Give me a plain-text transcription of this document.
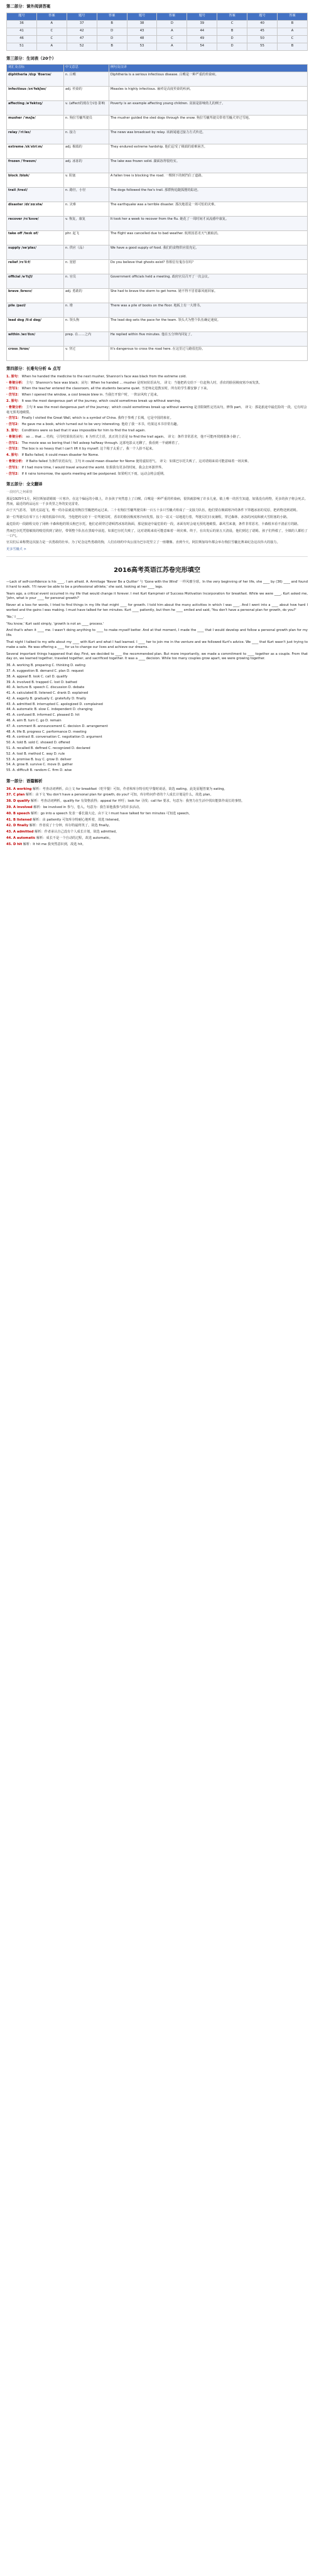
第二部分：课外阅读答案
题号	答案	题号	答案	题号	答案	题号	答案	题号	答案
36	A	37	B	38	D	39	C	40	B
41	C	42	D	43	A	44	B	45	A
46	C	47	D	48	C	49	D	50	C
51	A	52	B	53	A	54	D	55	B
第三部分：生词表（20个）
词汇及音标	中文意思	例句及汉译
diphtheria /dɪp ˈθɪərɪə/	n. 白喉	Diphtheria is a serious infectious disease. 白喉是一种严重的传染病。
infectious /ɪnˈfekʃəs/	adj. 传染的	Measles is highly infectious. 麻疹是高度传染的疾病。
affecting /əˈfektɪŋ/	v. (affect的现在分词) 影响	Poverty is an example affecting young children. 贫困是影响幼儿的例子。
musher /ˈmʌʃə/	n. 狗拉雪橇驾驶员	The musher guided the sled dogs through the snow. 狗拉雪橇驾驶员带着雪橇犬穿过雪地。
relay /ˈriːleɪ/	n. 接力	The news was broadcast by relay. 该新闻通过接力方式传送。
extreme /ɪkˈstriːm/	adj. 极端的	They endured extreme hardship. 他们忍受了极端的艰难困苦。
frozen /ˈfrəʊzn/	adj. 冰冻的	The lake was frozen solid. 湖面冻得很结实。
block /blɒk/	v. 阻塞	A fallen tree is blocking the road. 一棵倒下的树挡住了道路。
trail /treɪl/	n. 路径，小径	The dogs followed the fox's trail. 那群狗追随狐狸的踪迹。
disaster /dɪˈzɑːstə/	n. 灾难	The earthquake was a terrible disaster. 那次地震是一场可怕的灾难。
recover /rɪˈkʌvə/	v. 恢复，康复	It took her a week to recover from the flu. 她花了一周时间才从流感中康复。
take off /teɪk ɒf/	phr. 起飞	The flight was cancelled due to bad weather. 航班因恶劣天气被取消。
supply /səˈplaɪ/	n. 供应（品）	We have a good supply of food. 我们的食物供应很充足。
relief /rɪˈliːf/	n. 宽慰	Do you believe that ghosts exist? 你相信有鬼存在吗？
official /əˈfɪʃl/	n. 官员	Government officials held a meeting. 政府官员召开了一次会议。
brave /breɪv/	adj. 勇敢的	She had to brave the storm to get home. 她不得不冒着暴风雨回家。
pile /paɪl/	n. 堆	There was a pile of books on the floor. 地板上有一大堆书。
lead dog /liːd dɒɡ/	n. 领头狗	The lead dog sets the pace for the team. 领头犬为整个队伍确定速度。
within /wɪˈðɪn/	prep. 在……之内	He replied within five minutes. 他在五分钟内回复了。
cross /krɒs/	v. 穿过	It's dangerous to cross the road here. 在这里过马路很危险。
第四部分：长难句分析 & 点写
1. 原句： When he handed the medicine to the next musher, Shannon's face was black from the extreme cold.
· 骨架分析： 主句：Shannon's face was black；从句：When he handed ... musher 是时间状语从句。 译文：当他把药交给下一位赶狗人时，香农的脸因极度寒冷而发黑。
· 仿写1： When the teacher entered the classroom, all the students became quiet. 当老师走进教室时，所有的学生都安静了下来。
· 仿写2： When I opened the window, a cool breeze blew in. 当我打开窗户时，一阵凉风吹了进来。
2. 原句： It was the most dangerous part of the journey, which could sometimes break up without warning.
· 骨架分析： 主句 It was the most dangerous part of the journey；which could sometimes break up without warning 是非限制性定语从句，修饰 part。 译文：那是旅途中最危险的一段，它有时会毫无预兆地破裂。
· 仿写1： Finally I visited the Great Wall, which is a symbol of China. 我终于参观了长城，它是中国的象征。
· 仿写2： He gave me a book, which turned out to be very interesting. 他给了我一本书，结果这本书非常有趣。
3. 原句： Conditions were so bad that it was impossible for him to find the trail again.
· 骨架分析： so ... that ... 结构，引导结果状语从句；it 为形式主语，真正的主语是 to find the trail again。 译文：条件非常恶劣，他不可能再找到那条小路了。
· 仿写1： The movie was so boring that I fell asleep halfway through. 这部电影太无聊了，我看到一半就睡着了。
· 仿写2： The box is so heavy that I can't lift it by myself. 这个箱子太重了，我一个人抬不起来。
4. 原句： If Balto failed, it could mean disaster for Nome.
· 骨架分析： If Balto failed 为条件状语从句，主句 it could mean disaster for Nome 使用虚拟语气。 译文：如果巴尔托失败了，这对诺姆来说可能意味着一场灾难。
· 仿写1： If I had more time, I would travel around the world. 如果我有更多的时间，我会去环游世界。
· 仿写2： If it rains tomorrow, the sports meeting will be postponed. 如果明天下雨，运动会将会延期。
第五部分：全文翻译
一段时代之柯乘情

那是1925年1月，阿拉斯加诺姆镇一片寒冷。在这个偏远的小镇上，许多孩子突然患上了白喉。白喉是一种严重的传染病，很快就影响了许多儿童。镇上唯一的医生知道，如果没有药物，更多的孩子将会死去。然而，最近的药品远在一千多英里之外的安克雷奇。

由于天气恶劣，飞机无法起飞，唯一的办法就是用狗拉雪橇把药运过来。二十名狗拉雪橇驾驶员和一百五十多只雪橇犬组成了一支接力队伍，他们要在极端寒冷的条件下穿越冰冻的荒原，把药物送到诺姆。

第一位驾驶员在零下五十度的低温中出发。当他把药交给下一位驾驶员时，香农的脸因极度寒冷而发黑。接力一站又一站地进行着，驾驶员们日夜兼程，穿过森林、冰冻的河流和被大雪阻塞的小路。

最危险的一段路程交给了冈纳·卡森和他的领头狗巴尔托。他们必须穿过诺顿湾冰冻的海面，那是旅途中最危险的一段，冰面有时会毫无预兆地破裂。暴风雪来袭，条件非常恶劣，卡森根本看不清前方的路。

然而巴尔托凭借敏锐的嗅觉找到了路径，带领整个队伍在黑暗中前进。如果巴尔托失败了，这对诺姆来说可能意味着一场灾难。终于，在出发后的第五天清晨，他们到达了诺姆。孩子们得救了，全镇的人都松了一口气。

官员们后来称赞这次接力是一次勇敢的壮举。为了纪念这些勇敢的狗，人们在纽约中央公园为巴尔托竖立了一座雕像。直到今天，阿拉斯加每年都会举办狗拉雪橇比赛来纪念这次伟大的接力。

更多雪橇犬 >
2016高考英语江苏卷完形填空

—Lack of self-confidence is his ____. I am afraid. A. Armitage 'Never Be a Quitter' 与 'Gone with the Wind' 一样风靡全球。In the very beginning of her life, she ____ by (36) ____ and found it hard to walk. 'I'll never be able to be a professional athlete,' she said, looking at her ____ legs.

Years ago, a critical event occurred in my life that would change it forever. I met Kurt Kampmeir of Success Motivation Incorporation for breakfast. While we were ____, Kurt asked me, 'John, what is your ____ for personal growth?'

Never at a loss for words, I tried to find things in my life that might ____ for growth. I told him about the many activities in which I was ____. And I went into a ____ about how hard I worked and the gains I was making. I must have talked for ten minutes. Kurt ____ patiently, but then he ____ smiled and said, 'You don't have a personal plan for growth, do you?'

'No,' I ____.

'You know,' Kurt said simply, 'growth is not an ____ process.'

And that's when it ____ me. I wasn't doing anything to ____ to make myself better. And at that moment, I made the ____ that I would develop and follow a personal growth plan for my life.

That night I talked to my wife about my ____ with Kurt and what I had learned. I ____ her to join me in the venture and we followed Kurt's advice. We ____ that Kurt wasn't just trying to make a sale. He was offering a ____ for us to change our lives and achieve our dreams.

Several important things happened that day. First, we decided to ____ the recommended plan. But more importantly, we made a commitment to ____ together as a couple. From that day on, we learned together, traveled together, and sacrificed together. It was a ____ decision. While too many couples grow apart, we were growing together.

36. A. working B. preparing C. thinking D. eating
37. A. suggestion B. demand C. plan D. request
38. A. appeal B. look C. call D. qualify
39. A. involved B. trapped C. lost D. bathed
40. A. lecture B. speech C. discussion D. debate
41. A. calculated B. listened C. drank D. explained
42. A. eagerly B. gradually C. gratefully D. finally
43. A. admitted B. interrupted C. apologized D. complained
44. A. automatic B. slow C. independent D. changing
45. A. confused B. informed C. pleased D. hit
46. A. aim B. turn C. go D. remain
47. A. comment B. announcement C. decision D. arrangement
48. A. life B. progress C. performance D. meeting
49. A. contract B. conversation C. negotiation D. argument
50. A. told B. sold C. showed D. offered
51. A. recalled B. defined C. recognized D. declared
52. A. tool B. method C. way D. rule
53. A. promise B. buy C. grow D. deliver
54. A. grow B. survive C. move D. gather
55. A. difficult B. random C. firm D. wise
第一部分：语篇解析
36. A working 解析：考查动词辨析。由上文 for breakfast（吃早餐）可知，作者和库尔特在吃早餐时谈话，故选 eating。此处原题答案为 eating。
37. C plan 解析：由下文 You don't have a personal plan for growth, do you? 可知，库尔特问作者的个人成长计划是什么，故选 plan。
38. D qualify 解析：考查动词辨析。qualify for 有资格获得；appeal for 呼吁；look for 寻找；call for 要求。句意为：我努力在生活中找出能算作成长的事情。
39. A involved 解析：be involved in 参与，卷入。句意为：我告诉他我参与的许多活动。
40. B speech 解析：go into a speech 发表一番长篇大论。由下文 I must have talked for ten minutes 可知选 speech。
41. B listened 解析：由 patiently 可知库尔特耐心地听着，故选 listened。
42. D finally 解析：作者说了十分钟，库尔特最终笑了，故选 finally。
43. A admitted 解析：作者承认自己没有个人成长计划，故选 admitted。
44. A automatic 解析：成长不是一个自动的过程，故选 automatic。
45. D hit 解析：It hit me 我突然意识到，故选 hit。
